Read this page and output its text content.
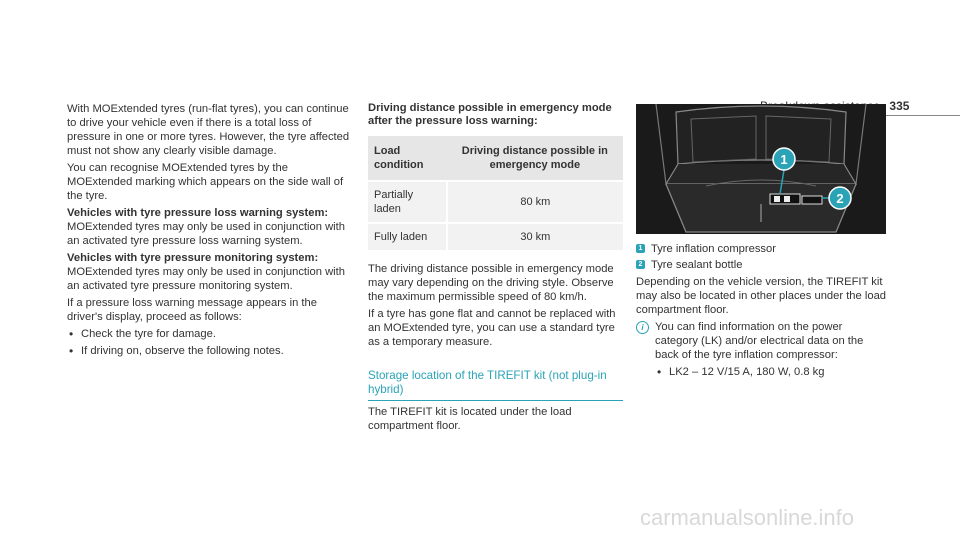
335

With MOExtended tyres (run-flat tyres), you can continue to drive your vehicle even if there is a total loss of pressure in one or more tyres. However, the tyre affected must not show any clearly visible damage.

You can recognise MOExtended tyres by the MOExtended marking which appears on the side wall of the tyre.

Vehicles with tyre pressure loss warning system:

MOExtended tyres may only be used in conjunction with an activated tyre pressure loss warning system.

Vehicles with tyre pressure monitoring system:

MOExtended tyres may only be used in conjunction with an activated tyre pressure monitoring system.

If a pressure loss warning message appears in the driver's display, proceed as follows:

• Check the tyre for damage.
• If driving on, observe the following notes.
Driving distance possible in emergency mode after the pressure loss warning:
Load condition	Driving distance possible in emergency mode
Partially laden	80 km
Fully laden	30 km

The driving distance possible in emergency mode may vary depending on the driving style. Observe the maximum permissible speed of 80 km/h.

If a tyre has gone flat and cannot be replaced with an MOExtended tyre, you can use a standard tyre as a temporary measure.

Storage location of the TIREFIT kit (not plug-in hybrid)

The TIREFIT kit is located under the load compartment floor.

1
2
1 Tyre inflation compressor
2 Tyre sealant bottle

Depending on the vehicle version, the TIREFIT kit may also be located in other places under the load compartment floor.

i	You can find information on the power category (LK) and/or electrical data on the back of the tyre inflation compressor:
• LK2 – 12 V/15 A, 180 W, 0.8 kg
carmanualsonline.info
